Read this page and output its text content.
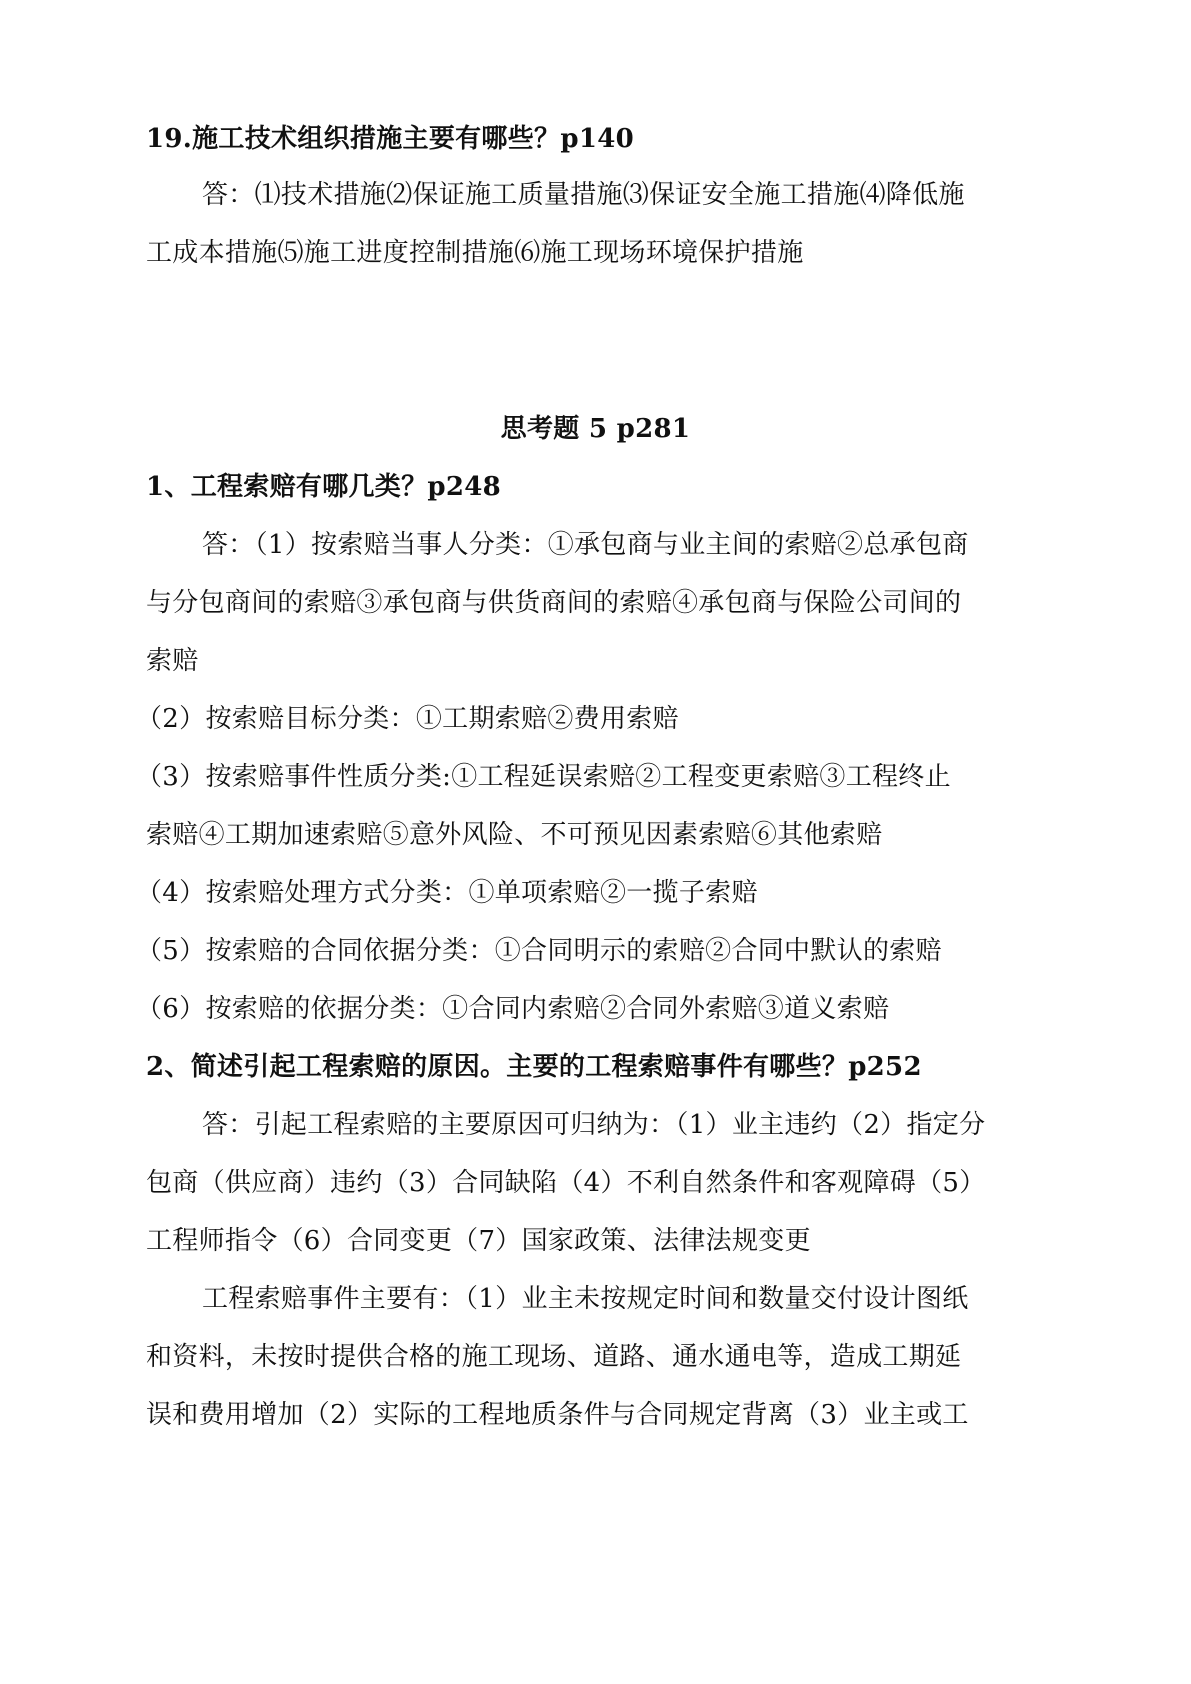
19.施工技术组织措施主要有哪些？p140
答：⑴技术措施⑵保证施工质量措施⑶保证安全施工措施⑷降低施
工成本措施⑸施工进度控制措施⑹施工现场环境保护措施
思考题 5 p281
1、工程索赔有哪几类？p248
答：（1）按索赔当事人分类：①承包商与业主间的索赔②总承包商
与分包商间的索赔③承包商与供货商间的索赔④承包商与保险公司间的
索赔
（2）按索赔目标分类：①工期索赔②费用索赔
（3）按索赔事件性质分类:①工程延误索赔②工程变更索赔③工程终止
索赔④工期加速索赔⑤意外风险、不可预见因素索赔⑥其他索赔
（4）按索赔处理方式分类：①单项索赔②一揽子索赔
（5）按索赔的合同依据分类：①合同明示的索赔②合同中默认的索赔
（6）按索赔的依据分类：①合同内索赔②合同外索赔③道义索赔
2、简述引起工程索赔的原因。主要的工程索赔事件有哪些？p252
答：引起工程索赔的主要原因可归纳为：（1）业主违约（2）指定分
包商（供应商）违约（3）合同缺陷（4）不利自然条件和客观障碍（5）
工程师指令（6）合同变更（7）国家政策、法律法规变更
工程索赔事件主要有：（1）业主未按规定时间和数量交付设计图纸
和资料，未按时提供合格的施工现场、道路、通水通电等，造成工期延
误和费用增加（2）实际的工程地质条件与合同规定背离（3）业主或工
